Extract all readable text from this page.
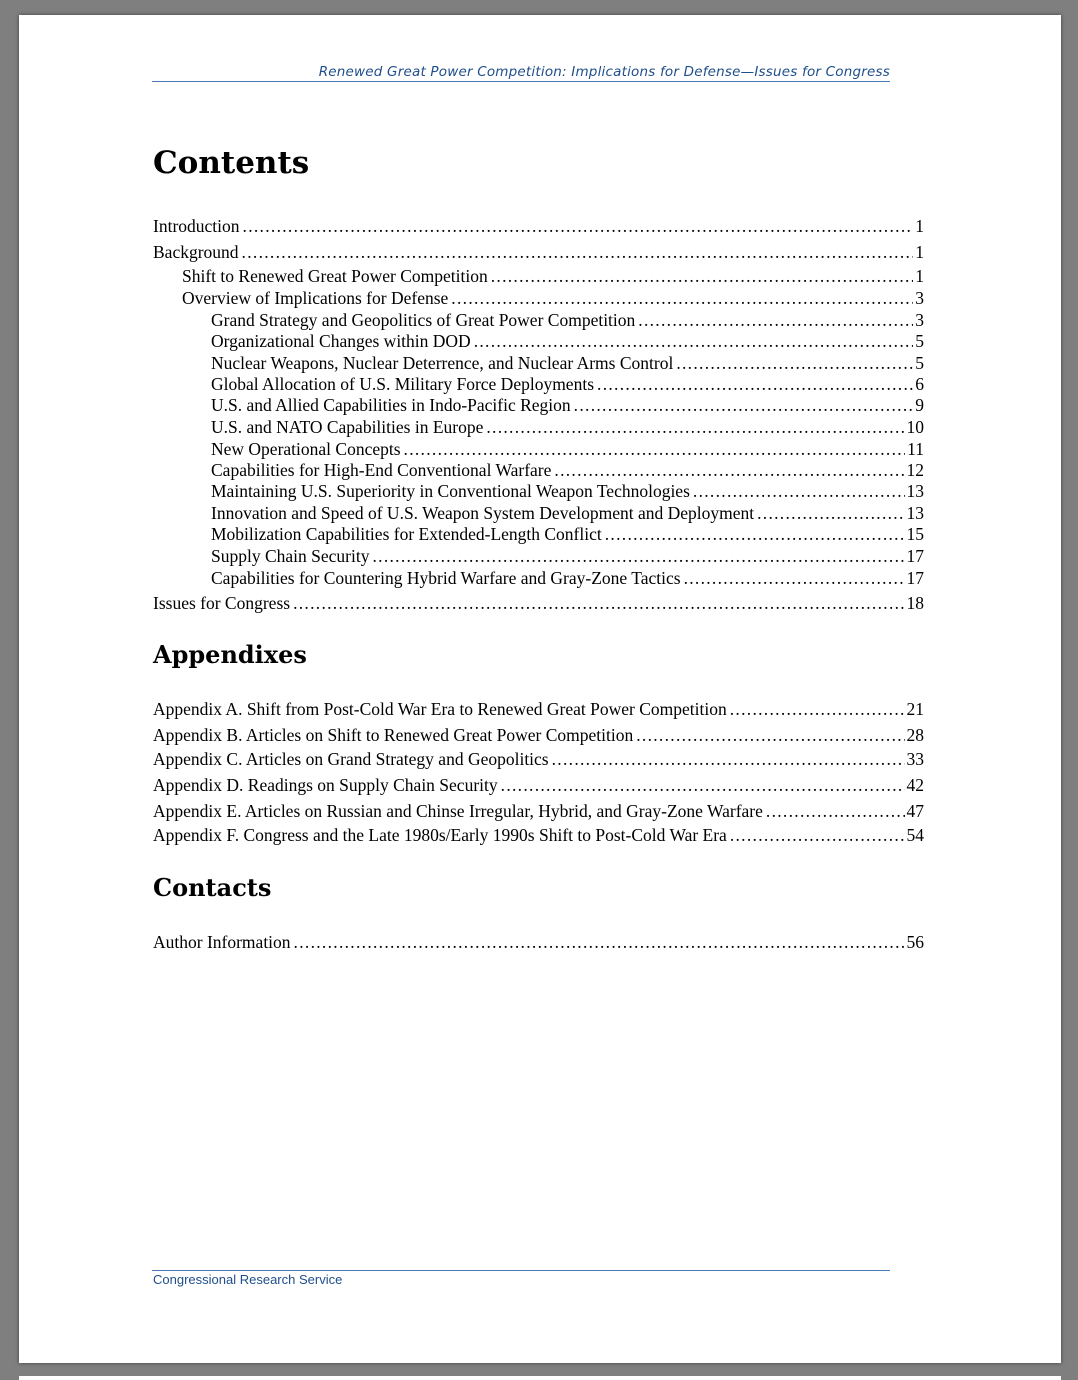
Renewed Great Power Competition: Implications for Defense—Issues for Congress
Contents
Introduction .....	1
Background .....	1
Shift to Renewed Great Power Competition .....	1
Overview of Implications for Defense .....	3
Grand Strategy and Geopolitics of Great Power Competition .....	3
Organizational Changes within DOD .....	5
Nuclear Weapons, Nuclear Deterrence, and Nuclear Arms Control .....	5
Global Allocation of U.S. Military Force Deployments .....	6
U.S. and Allied Capabilities in Indo-Pacific Region .....	9
U.S. and NATO Capabilities in Europe .....	10
New Operational Concepts .....	11
Capabilities for High-End Conventional Warfare .....	12
Maintaining U.S. Superiority in Conventional Weapon Technologies .....	13
Innovation and Speed of U.S. Weapon System Development and Deployment .....	13
Mobilization Capabilities for Extended-Length Conflict .....	15
Supply Chain Security .....	17
Capabilities for Countering Hybrid Warfare and Gray-Zone Tactics .....	17
Issues for Congress .....	18
Appendixes
Appendix A. Shift from Post-Cold War Era to Renewed Great Power Competition .....	21
Appendix B. Articles on Shift to Renewed Great Power Competition .....	28
Appendix C. Articles on Grand Strategy and Geopolitics .....	33
Appendix D. Readings on Supply Chain Security .....	42
Appendix E. Articles on Russian and Chinse Irregular, Hybrid, and Gray-Zone Warfare .....	47
Appendix F. Congress and the Late 1980s/Early 1990s Shift to Post-Cold War Era .....	54
Contacts
Author Information .....	56
Congressional Research Service
